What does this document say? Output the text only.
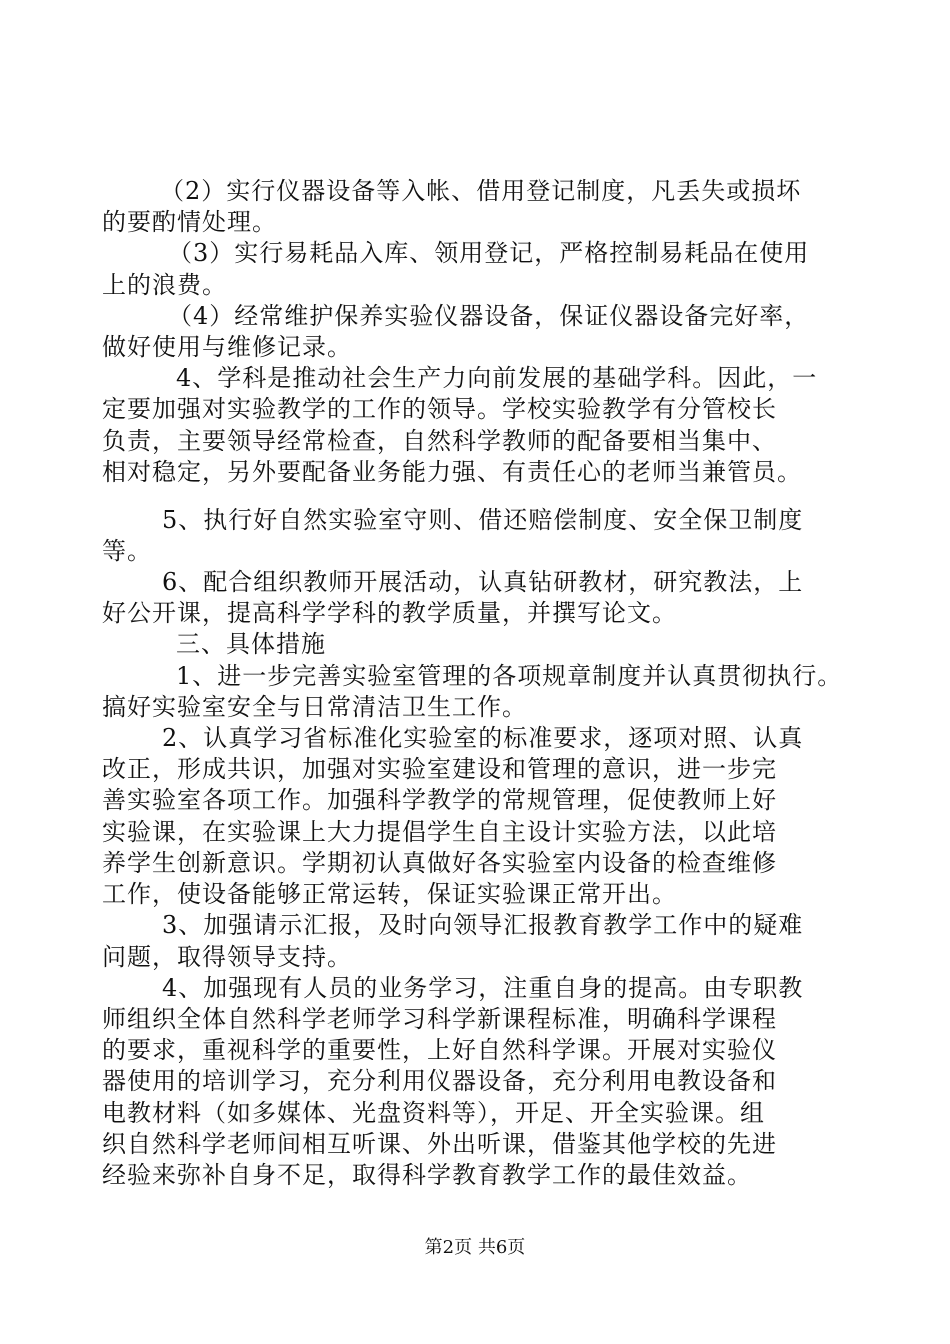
（2）实行仪器设备等入帐、借用登记制度，凡丢失或损坏
的要酌情处理。
（3）实行易耗品入库、领用登记，严格控制易耗品在使用
上的浪费。
（4）经常维护保养实验仪器设备，保证仪器设备完好率，
做好使用与维修记录。
4、学科是推动社会生产力向前发展的基础学科。因此，一
定要加强对实验教学的工作的领导。学校实验教学有分管校长
负责，主要领导经常检查，自然科学教师的配备要相当集中、
相对稳定，另外要配备业务能力强、有责任心的老师当兼管员。
5、执行好自然实验室守则、借还赔偿制度、安全保卫制度
等。
6、配合组织教师开展活动，认真钻研教材，研究教法，上
好公开课，提高科学学科的教学质量，并撰写论文。
三、具体措施
1、进一步完善实验室管理的各项规章制度并认真贯彻执行。
搞好实验室安全与日常清洁卫生工作。
2、认真学习省标准化实验室的标准要求，逐项对照、认真
改正，形成共识，加强对实验室建设和管理的意识，进一步完
善实验室各项工作。加强科学教学的常规管理，促使教师上好
实验课，在实验课上大力提倡学生自主设计实验方法，以此培
养学生创新意识。学期初认真做好各实验室内设备的检查维修
工作，使设备能够正常运转，保证实验课正常开出。
3、加强请示汇报，及时向领导汇报教育教学工作中的疑难
问题，取得领导支持。
4、加强现有人员的业务学习，注重自身的提高。由专职教
师组织全体自然科学老师学习科学新课程标准，明确科学课程
的要求，重视科学的重要性，上好自然科学课。开展对实验仪
器使用的培训学习，充分利用仪器设备，充分利用电教设备和
电教材料（如多媒体、光盘资料等），开足、开全实验课。组
织自然科学老师间相互听课、外出听课，借鉴其他学校的先进
经验来弥补自身不足，取得科学教育教学工作的最佳效益。
第2页 共6页
